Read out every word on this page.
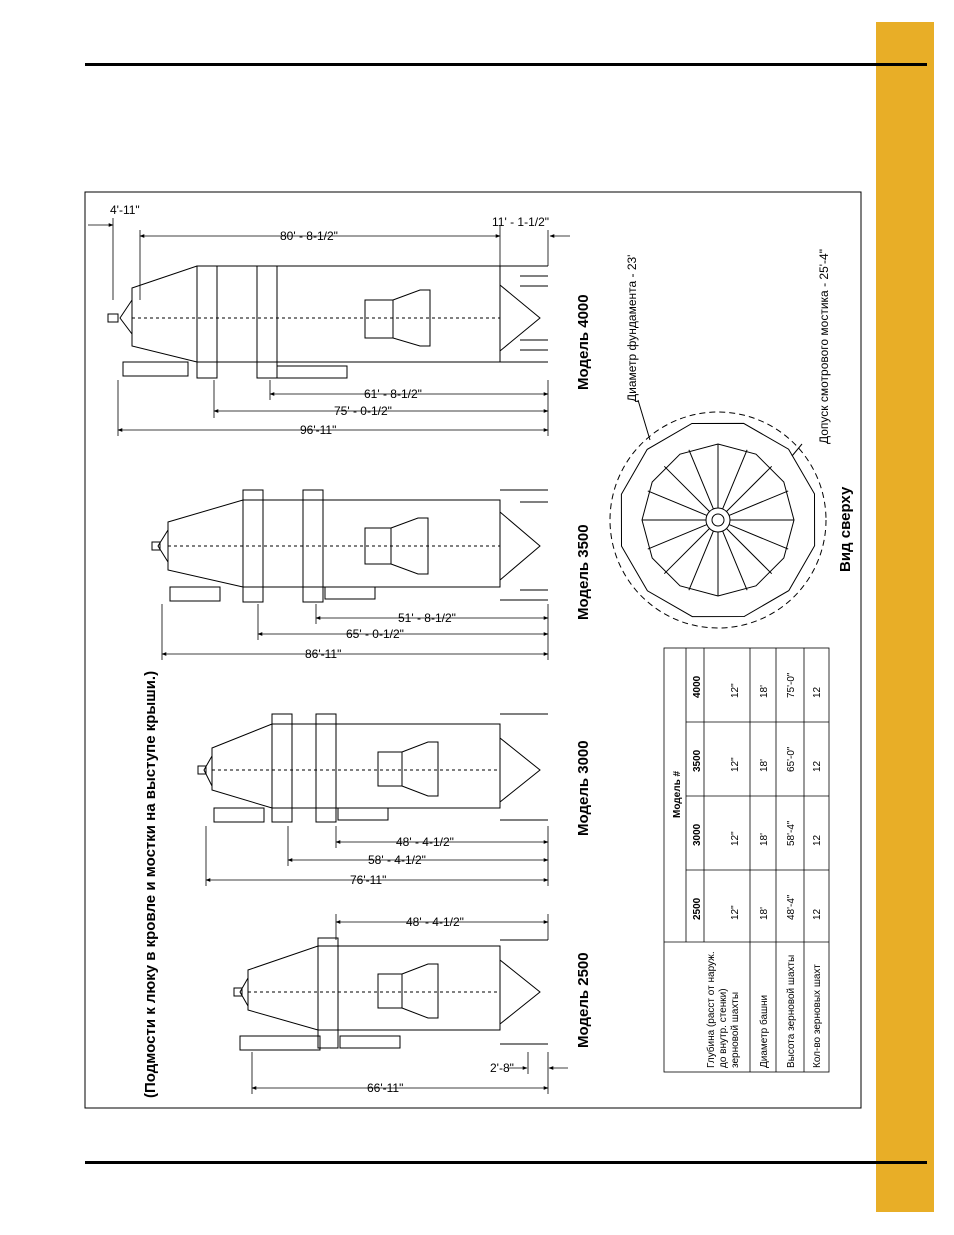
4'-11"
80' - 8-1/2"
11' - 1-1/2"
61' - 8-1/2"
75' - 0-1/2"
96'-11"
51' - 8-1/2"
65' - 0-1/2"
86'-11"
48' - 4-1/2"
58' - 4-1/2"
76'-11"
48' - 4-1/2"
2'-8"
66'-11"
(Подмости к люку в кровле и мостки на выступе крыши.)
Модель 4000
Модель 3500
Модель 3000
Модель 2500
Диаметр фундамента - 23'	Допуск смотрового мостика - 25'-4"
Вид сверху
Модель #
2500
3000
3500
4000
Глубина (расст от наруж. до внутр. стенки) зерновой шахты Диаметр башни Высота зерновой шахты Кол-во зерновых шахт
12"
12"
12"
12"
18'
18'
18'
18'
48'-4"
58'-4"
65'-0"
75'-0"
12
12
12
12
